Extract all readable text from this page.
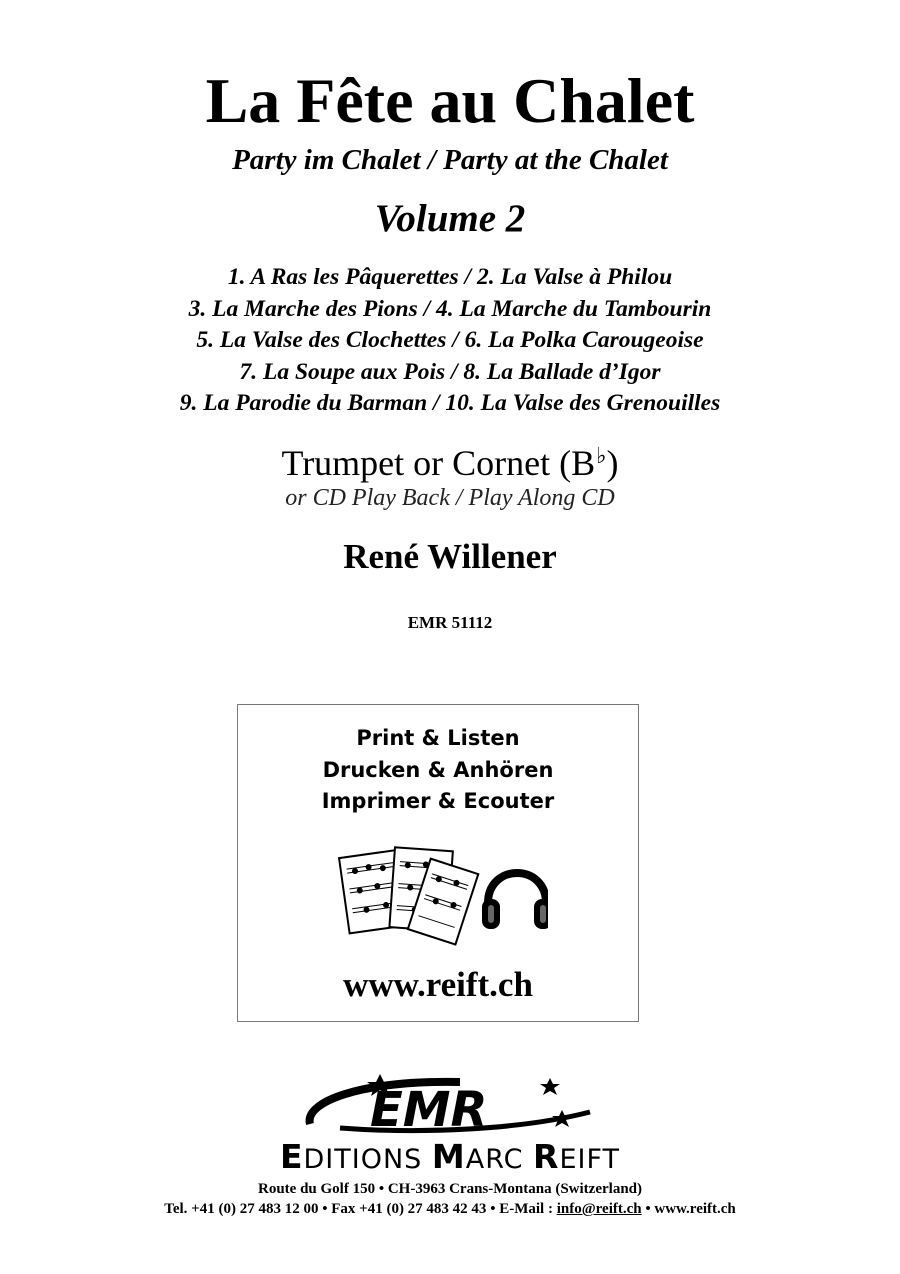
La Fête au Chalet
Party im Chalet / Party at the Chalet
Volume 2
1. A Ras les Pâquerettes / 2. La Valse à Philou
3. La Marche des Pions / 4. La Marche du Tambourin
5. La Valse des Clochettes / 6. La Polka Carougeoise
7. La Soupe aux Pois / 8. La Ballade d’Igor
9. La Parodie du Barman / 10. La Valse des Grenouilles
Trumpet or Cornet (B♭)
or CD Play Back / Play Along CD
René Willener
EMR 51112
Print & Listen
Drucken & Anhören
Imprimer & Ecouter
www.reift.ch
EMR
EDITIONS MARC REIFT
Route du Golf 150 • CH-3963 Crans-Montana (Switzerland)
Tel. +41 (0) 27 483 12 00 • Fax +41 (0) 27 483 42 43 • E-Mail : info@reift.ch • www.reift.ch
